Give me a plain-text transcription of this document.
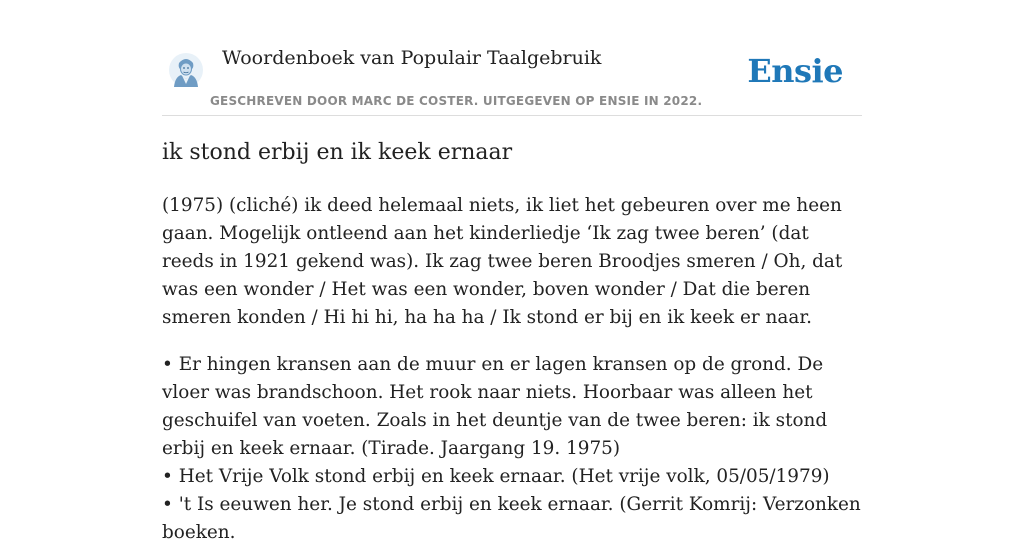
Woordenboek van Populair Taalgebruik
GESCHREVEN DOOR MARC DE COSTER. UITGEGEVEN OP ENSIE IN 2022.
Ensie
ik stond erbij en ik keek ernaar

(1975) (cliché) ik deed helemaal niets, ik liet het gebeuren over me heen gaan. Mogelijk ontleend aan het kinderliedje ‘Ik zag twee beren’ (dat reeds in 1921 gekend was). Ik zag twee beren Broodjes smeren / Oh, dat was een wonder / Het was een wonder, boven wonder / Dat die beren smeren konden / Hi hi hi, ha ha ha / Ik stond er bij en ik keek er naar.

• Er hingen kransen aan de muur en er lagen kransen op de grond. De vloer was brandschoon. Het rook naar niets. Hoorbaar was alleen het geschuifel van voeten. Zoals in het deuntje van de twee beren: ik stond erbij en keek ernaar. (Tirade. Jaargang 19. 1975)
• Het Vrije Volk stond erbij en keek ernaar. (Het vrije volk, 05/05/1979)
• 't Is eeuwen her. Je stond erbij en keek ernaar. (Gerrit Komrij: Verzonken boeken.
